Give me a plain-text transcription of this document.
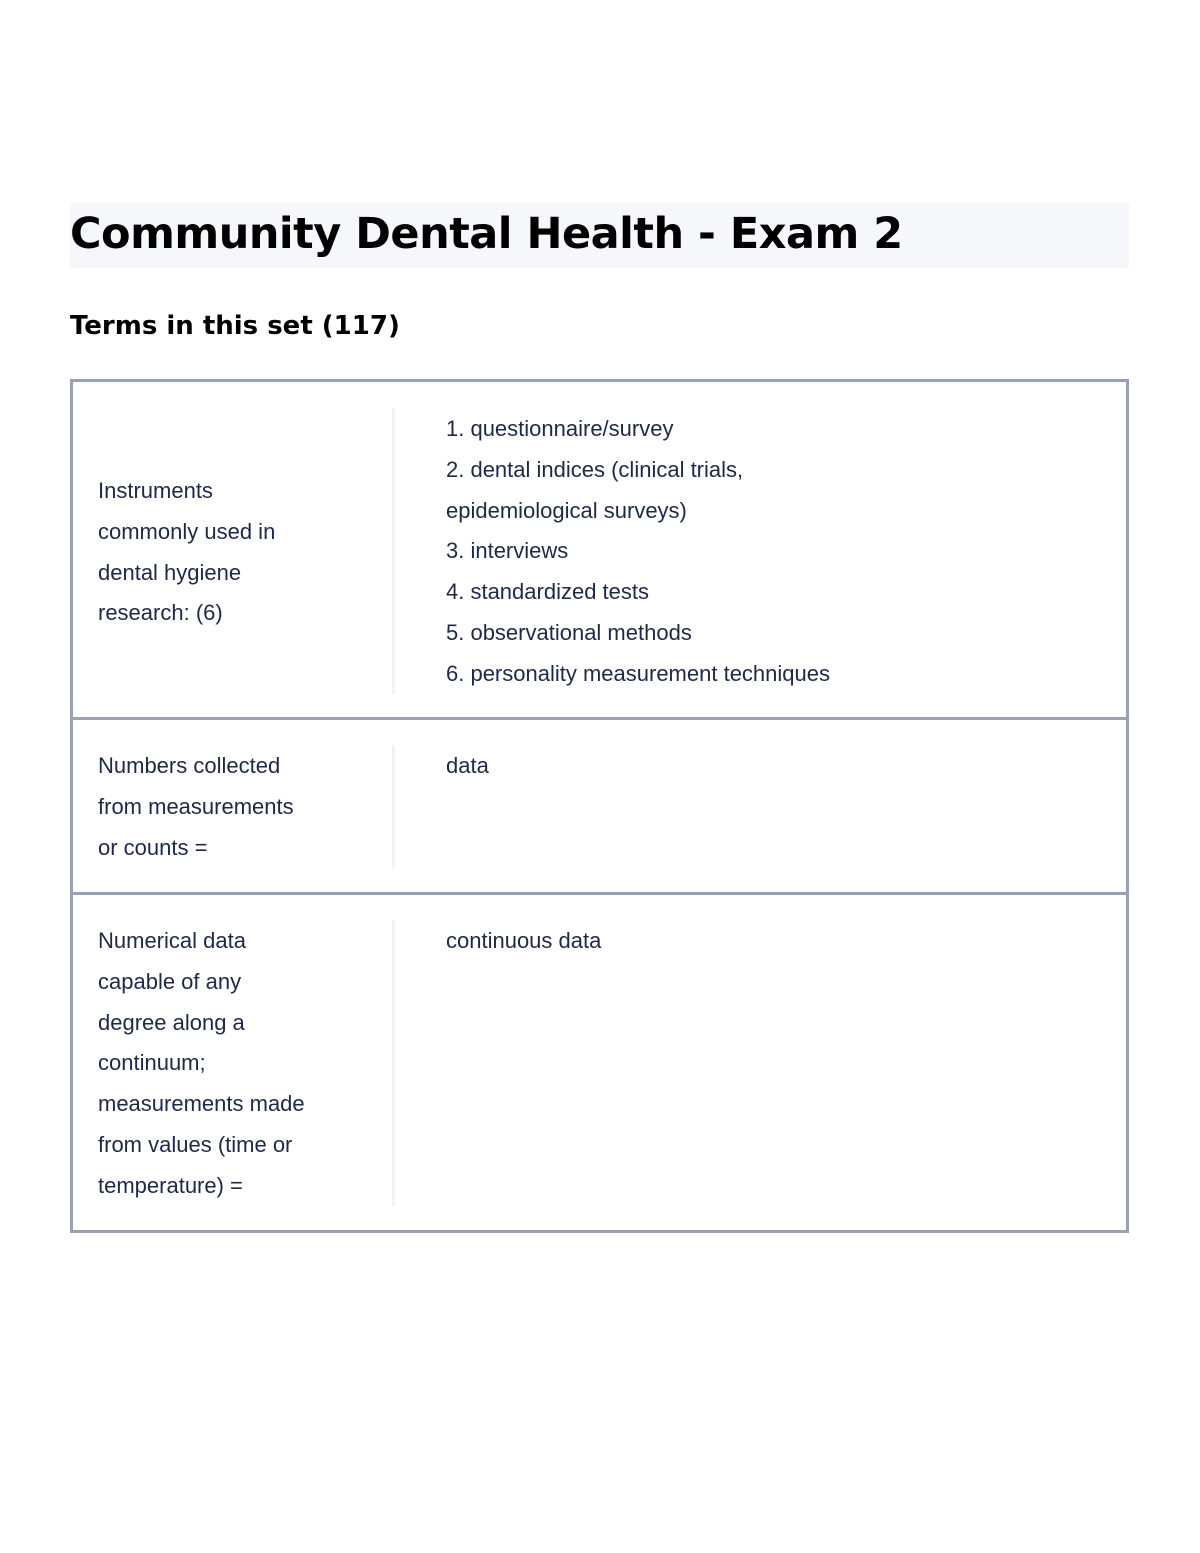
Community Dental Health - Exam 2
Terms in this set (117)
Instruments
commonly used in
dental hygiene
research: (6)
1. questionnaire/survey
2. dental indices (clinical trials,
epidemiological surveys)
3. interviews
4. standardized tests
5. observational methods
6. personality measurement techniques
Numbers collected
from measurements
or counts =
data
Numerical data
capable of any
degree along a
continuum;
measurements made
from values (time or
temperature) =
continuous data
